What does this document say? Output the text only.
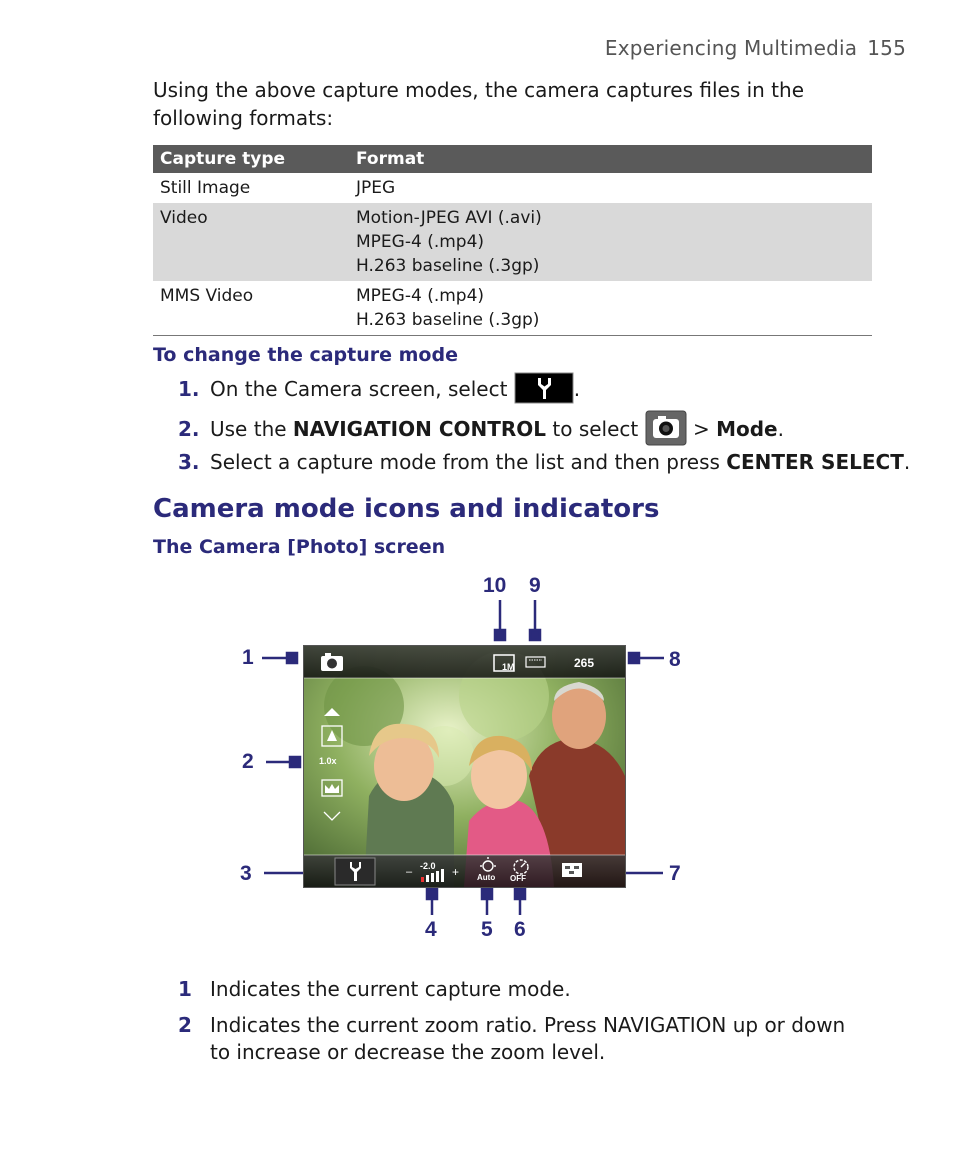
Experiencing Multimedia 155
Using the above capture modes, the camera captures files in the following formats:
Capture type	Format
Still Image	JPEG

Video	Motion-JPEG AVI (.avi)
MPEG-4 (.mp4)
H.263 baseline (.3gp)

MMS Video	MPEG-4 (.mp4)
H.263 baseline (.3gp)
To change the capture mode
1. On the Camera screen, select	.
2. Use the NAVIGATION CONTROL to select  > Mode.
3. Select a capture mode from the list and then press CENTER SELECT.
Camera mode icons and indicators
The Camera [Photo] screen
1
2
3
4 5 6
7
8
9
10
1M	265
1.0x
– -2.0 + Auto OFF
1 Indicates the current capture mode.
2 Indicates the current zoom ratio. Press NAVIGATION up or down to increase or decrease the zoom level.
